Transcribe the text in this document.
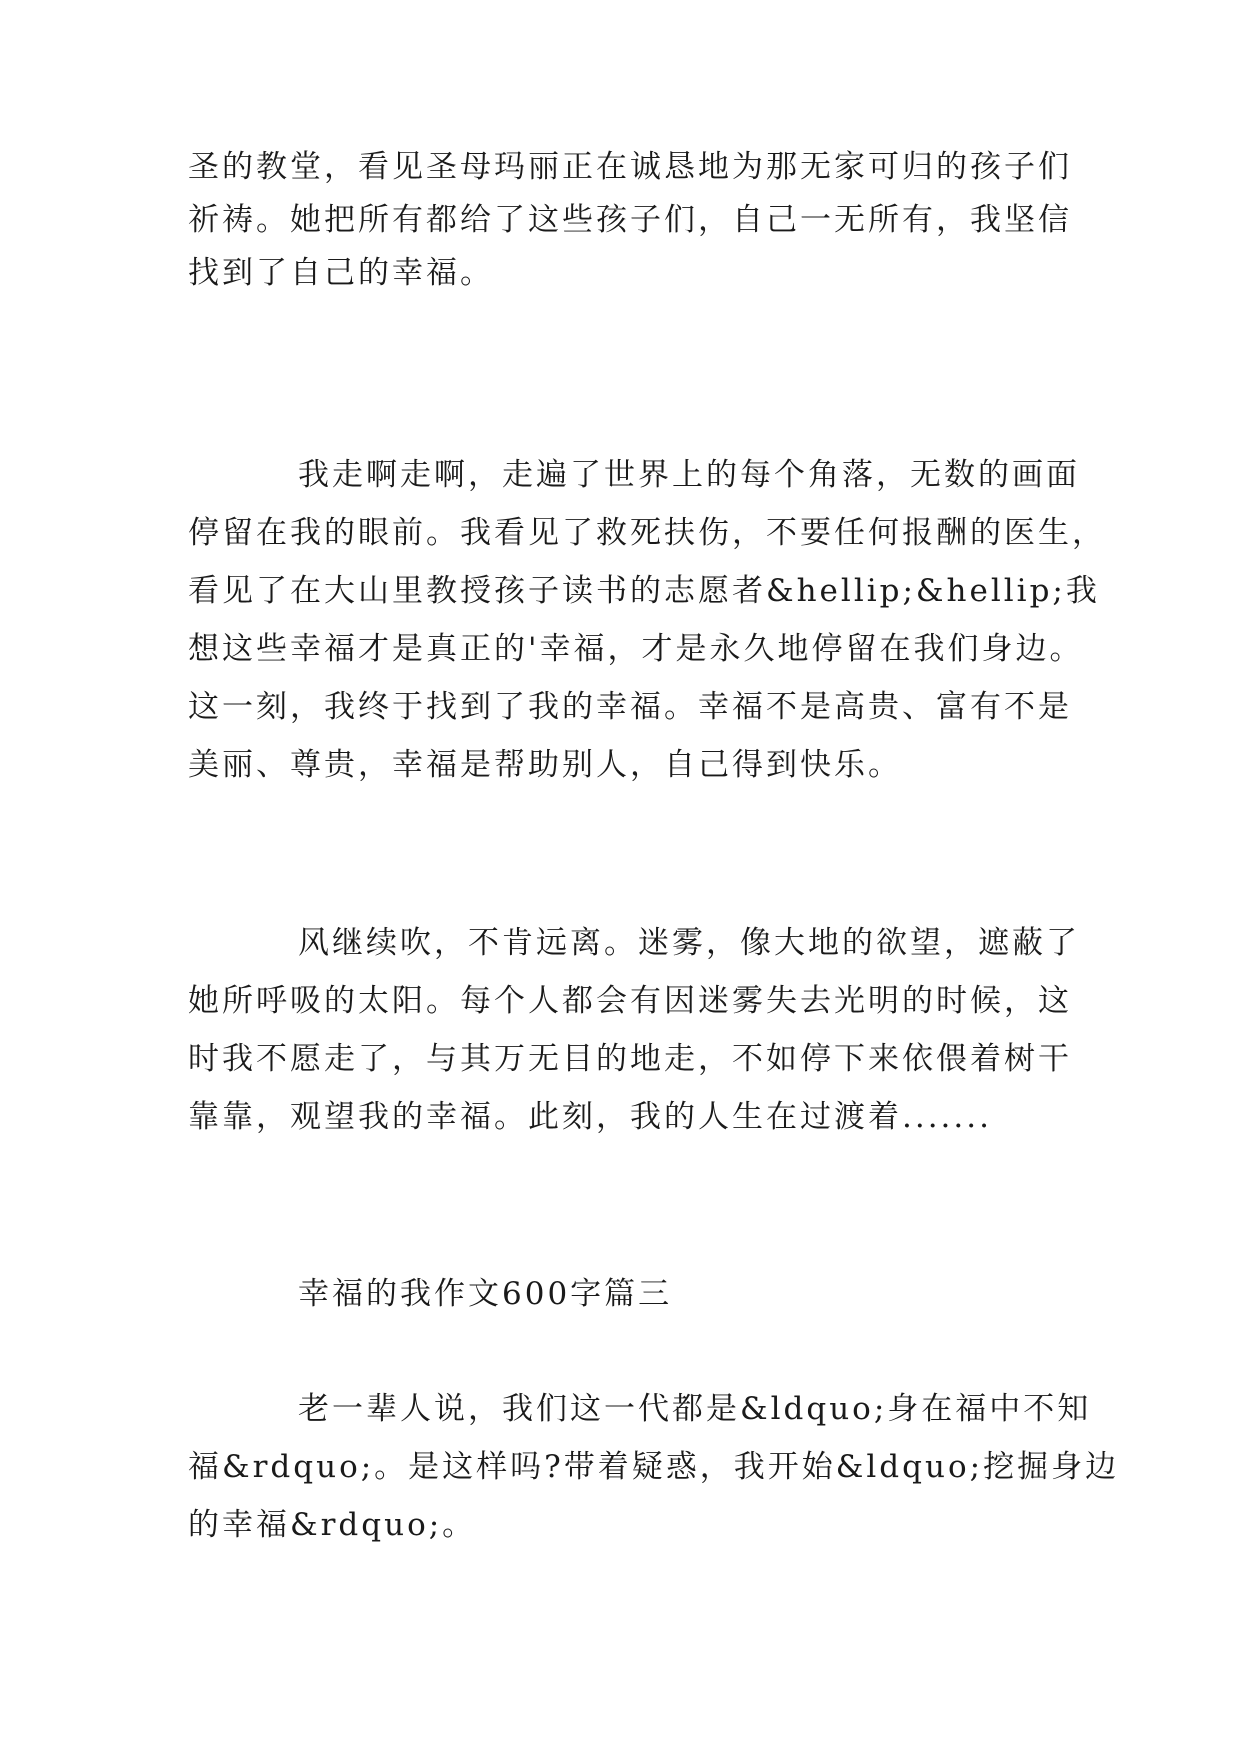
圣的教堂，看见圣母玛丽正在诚恳地为那无家可归的孩子们
祈祷。她把所有都给了这些孩子们，自己一无所有，我坚信
找到了自己的幸福。
我走啊走啊，走遍了世界上的每个角落，无数的画面
停留在我的眼前。我看见了救死扶伤，不要任何报酬的医生，
看见了在大山里教授孩子读书的志愿者&hellip;&hellip;我
想这些幸福才是真正的'幸福，才是永久地停留在我们身边。
这一刻，我终于找到了我的幸福。幸福不是高贵、富有不是
美丽、尊贵，幸福是帮助别人，自己得到快乐。
风继续吹，不肯远离。迷雾，像大地的欲望，遮蔽了
她所呼吸的太阳。每个人都会有因迷雾失去光明的时候，这
时我不愿走了，与其万无目的地走，不如停下来依偎着树干
靠靠，观望我的幸福。此刻，我的人生在过渡着.......
幸福的我作文600字篇三
老一辈人说，我们这一代都是&ldquo;身在福中不知
福&rdquo;。是这样吗?带着疑惑，我开始&ldquo;挖掘身边
的幸福&rdquo;。
